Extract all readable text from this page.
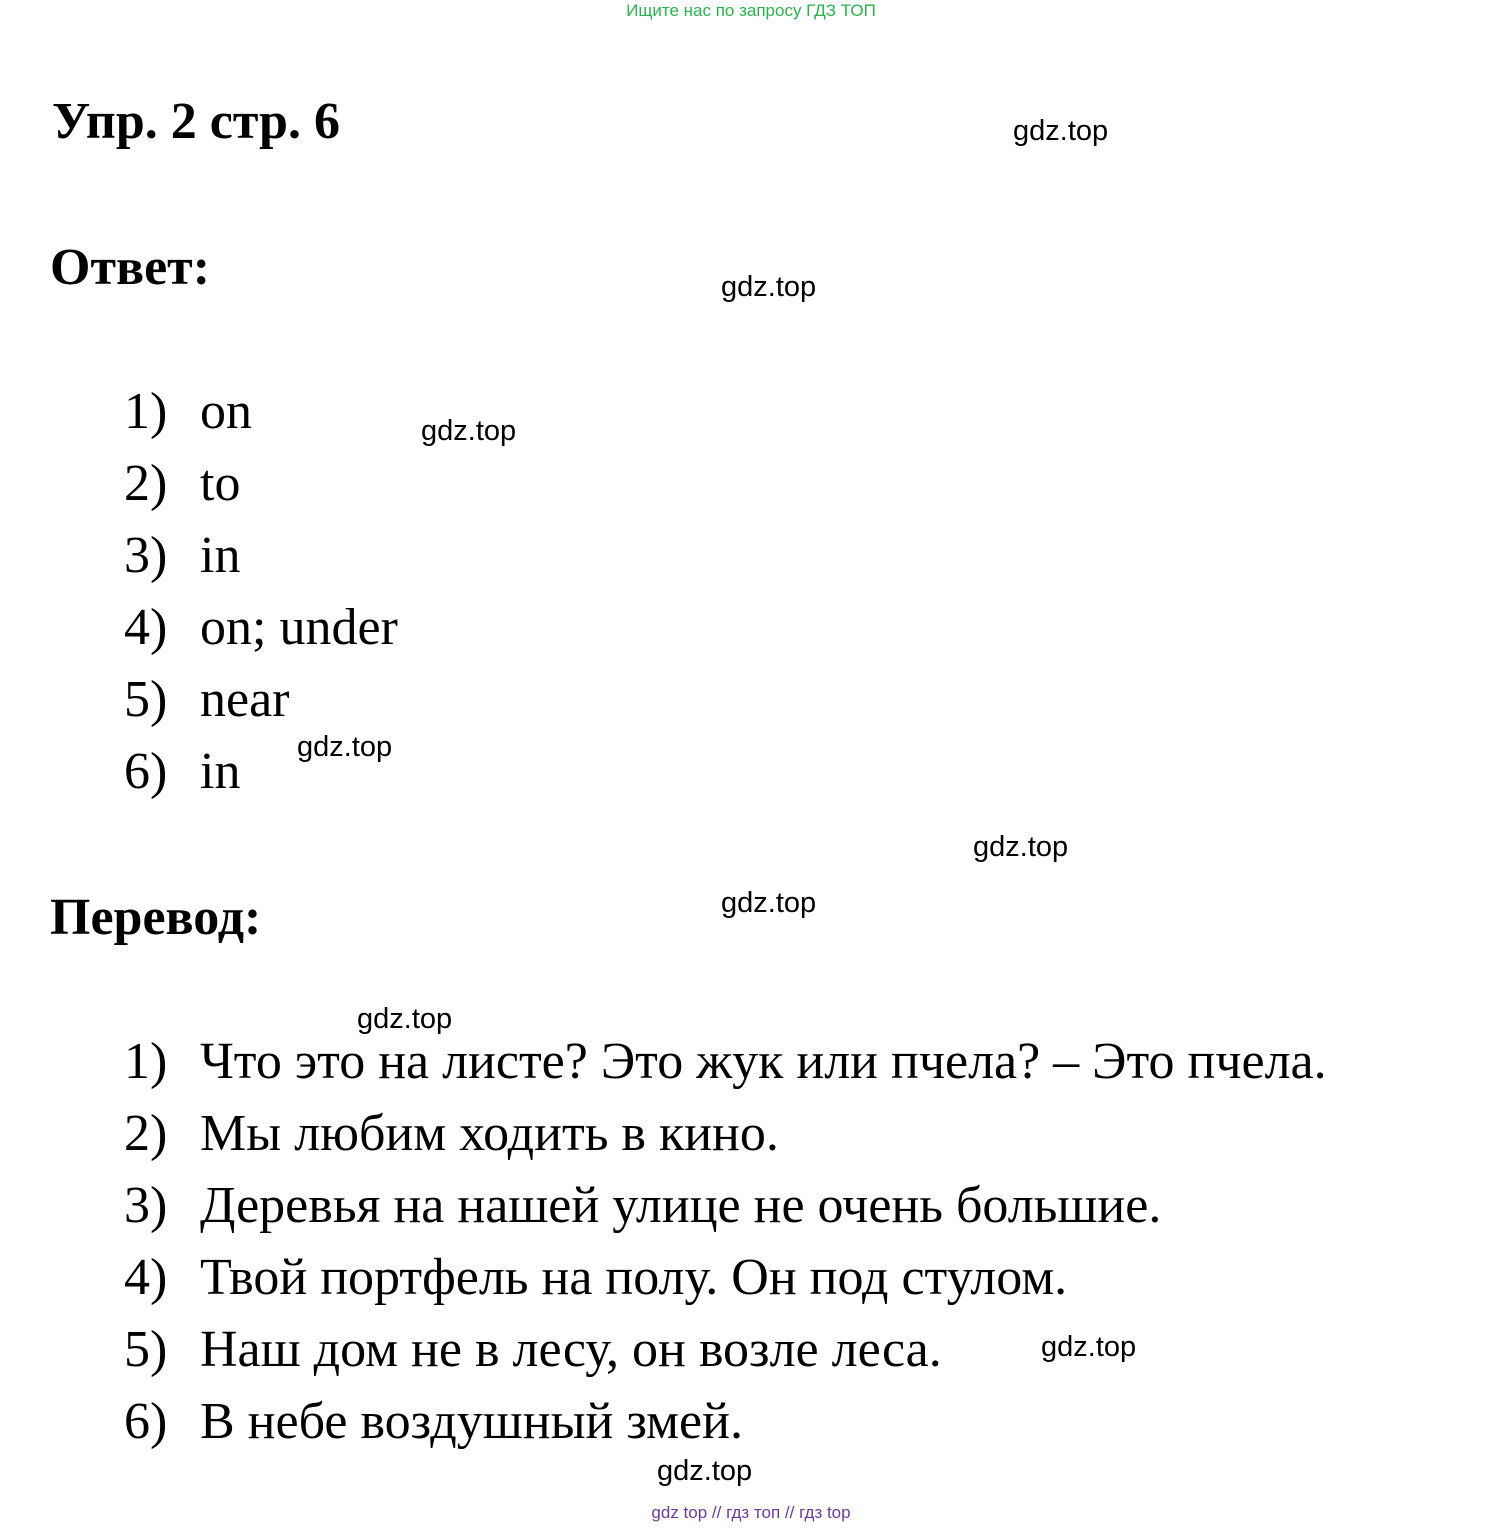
Ищите нас по запросу ГДЗ ТОП
Упр. 2 стр. 6
Ответ:
1) on
2) to
3) in
4) on; under
5) near
6) in
Перевод:
1) Что это на листе? Это жук или пчела? – Это пчела.
2) Мы любим ходить в кино.
3) Деревья на нашей улице не очень большие.
4) Твой портфель на полу. Он под стулом.
5) Наш дом не в лесу, он возле леса.
6) В небе воздушный змей.
gdz.top
gdz.top
gdz.top
gdz.top
gdz.top
gdz.top
gdz.top
gdz.top
gdz.top
gdz top // гдз топ // гдз top
